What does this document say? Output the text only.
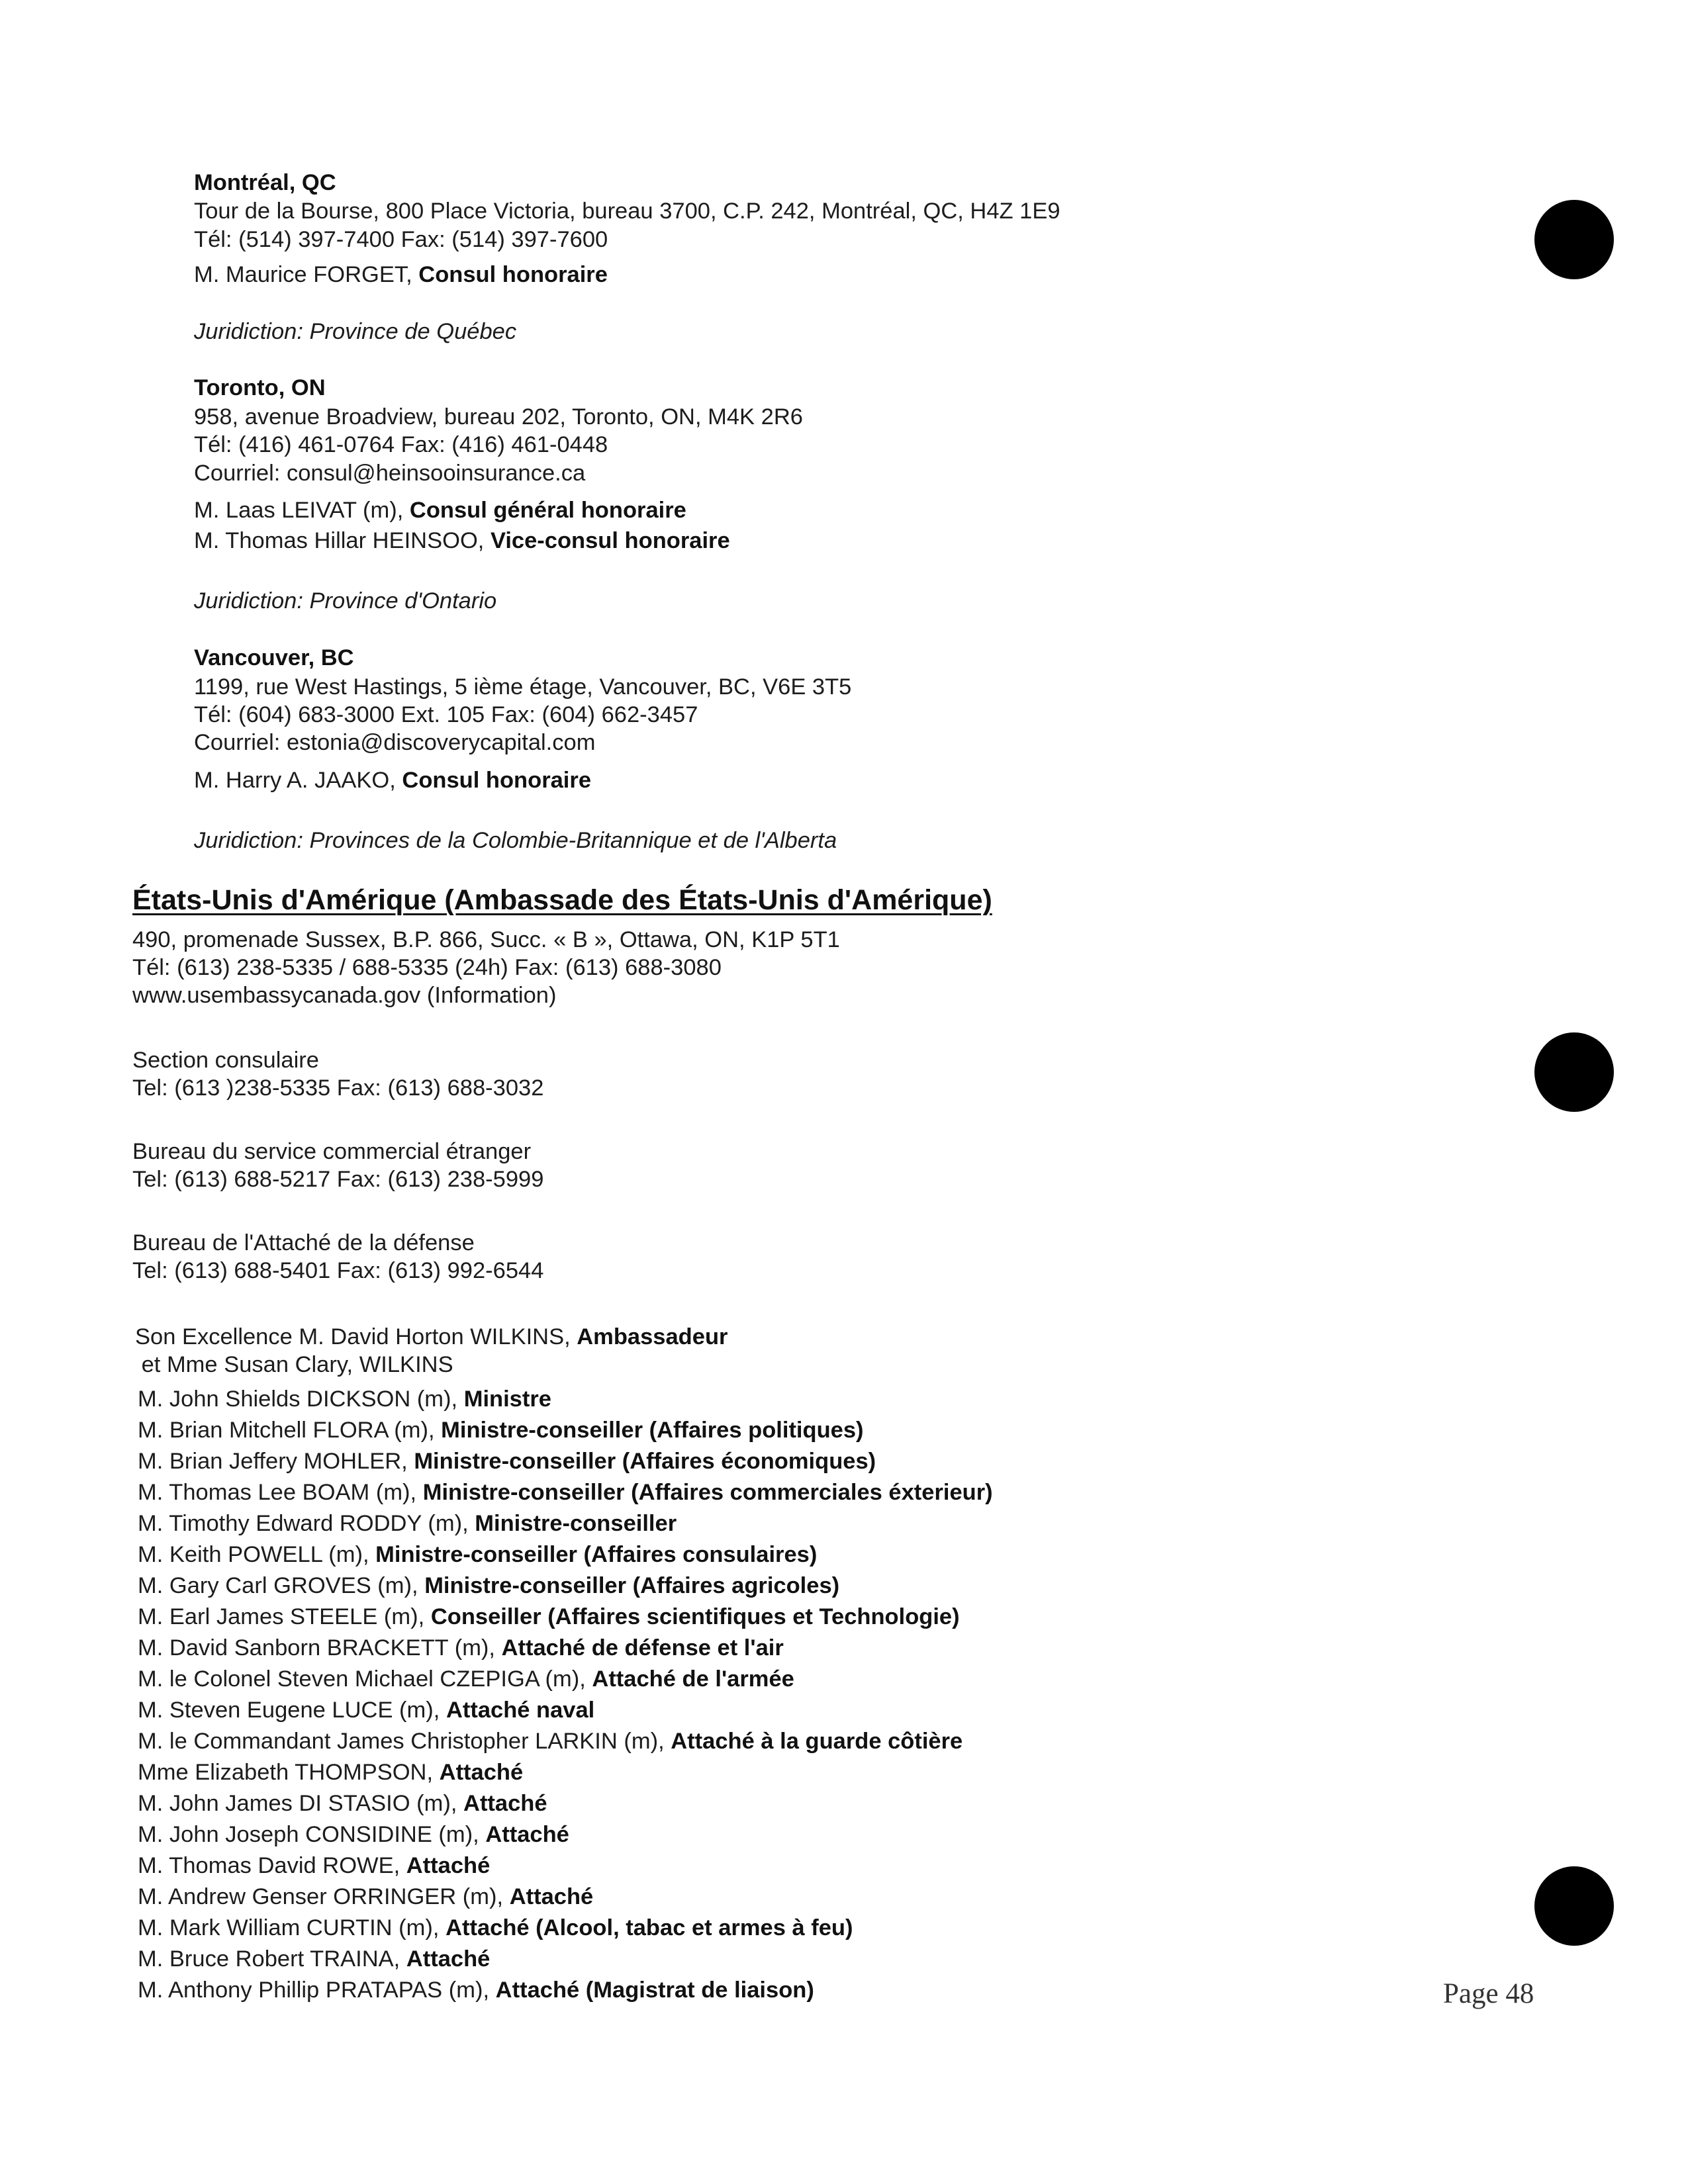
Montréal, QC
Tour de la Bourse, 800 Place Victoria, bureau 3700, C.P. 242, Montréal, QC, H4Z 1E9
Tél: (514) 397-7400 Fax: (514) 397-7600
M. Maurice FORGET, Consul honoraire
Juridiction: Province de Québec
Toronto, ON
958, avenue Broadview, bureau 202, Toronto, ON, M4K 2R6
Tél: (416) 461-0764 Fax: (416) 461-0448
Courriel: consul@heinsooinsurance.ca
M. Laas LEIVAT (m), Consul général honoraire
M. Thomas Hillar HEINSOO, Vice-consul honoraire
Juridiction: Province d'Ontario
Vancouver, BC
1199, rue West Hastings, 5 ième étage, Vancouver, BC, V6E 3T5
Tél: (604) 683-3000 Ext. 105 Fax: (604) 662-3457
Courriel: estonia@discoverycapital.com
M. Harry A. JAAKO, Consul honoraire
Juridiction: Provinces de la Colombie-Britannique et de l'Alberta
États-Unis d'Amérique (Ambassade des États-Unis d'Amérique)
490, promenade Sussex, B.P. 866, Succ. « B », Ottawa, ON, K1P 5T1
Tél: (613) 238-5335 / 688-5335 (24h) Fax: (613) 688-3080
www.usembassycanada.gov (Information)
Section consulaire
Tel: (613 )238-5335 Fax: (613) 688-3032
Bureau du service commercial étranger
Tel: (613) 688-5217 Fax: (613) 238-5999
Bureau de l'Attaché de la défense
Tel: (613) 688-5401 Fax: (613) 992-6544
Son Excellence M. David Horton WILKINS, Ambassadeur
et Mme Susan Clary, WILKINS
M. John Shields DICKSON (m), Ministre
M. Brian Mitchell FLORA (m), Ministre-conseiller (Affaires politiques)
M. Brian Jeffery MOHLER, Ministre-conseiller (Affaires économiques)
M. Thomas Lee BOAM (m), Ministre-conseiller (Affaires commerciales éxterieur)
M. Timothy Edward RODDY (m), Ministre-conseiller
M. Keith POWELL (m), Ministre-conseiller (Affaires consulaires)
M. Gary Carl GROVES (m), Ministre-conseiller (Affaires agricoles)
M. Earl James STEELE (m), Conseiller (Affaires scientifiques et Technologie)
M. David Sanborn BRACKETT (m), Attaché de défense et l'air
M. le Colonel Steven Michael CZEPIGA (m), Attaché de l'armée
M. Steven Eugene LUCE (m), Attaché naval
M. le Commandant James Christopher LARKIN (m), Attaché à la guarde côtière
Mme Elizabeth THOMPSON, Attaché
M. John James DI STASIO (m), Attaché
M. John Joseph CONSIDINE (m), Attaché
M. Thomas David ROWE, Attaché
M. Andrew Genser ORRINGER (m), Attaché
M. Mark William CURTIN (m), Attaché (Alcool, tabac et armes à feu)
M. Bruce Robert TRAINA, Attaché
M. Anthony Phillip PRATAPAS (m), Attaché (Magistrat de liaison)	Page 48
